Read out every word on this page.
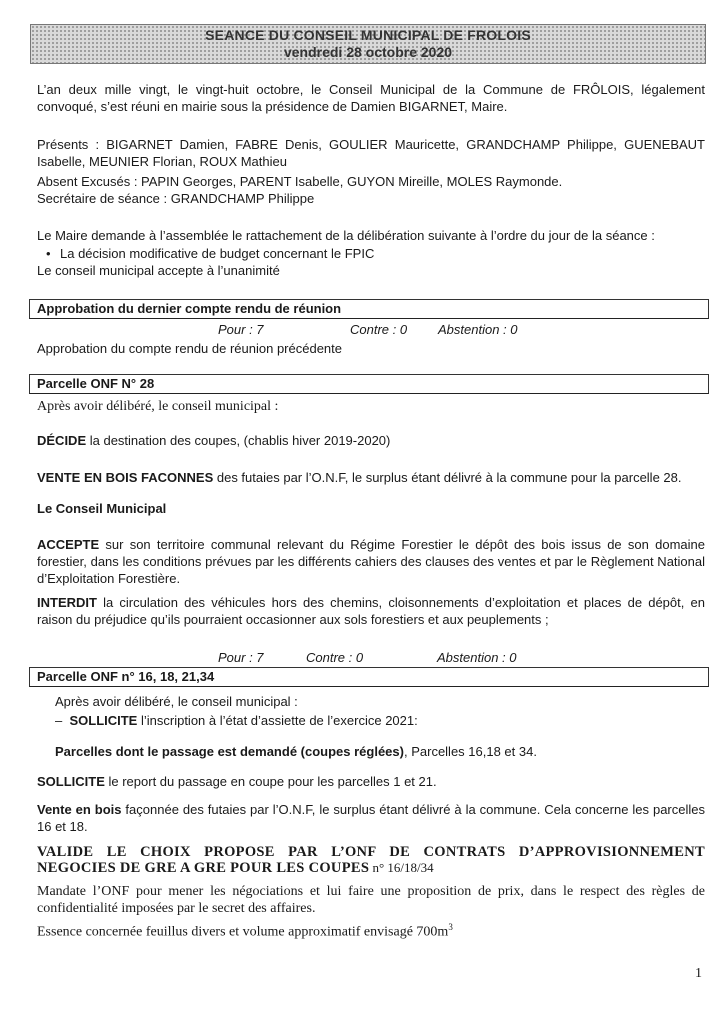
SEANCE DU CONSEIL MUNICIPAL DE FROLOIS
vendredi 28 octobre 2020
L’an deux mille vingt, le vingt-huit octobre, le Conseil Municipal de la Commune de FRÔLOIS, légalement convoqué, s’est réuni en mairie sous la présidence de Damien BIGARNET, Maire.
Présents : BIGARNET Damien, FABRE Denis, GOULIER Mauricette, GRANDCHAMP Philippe, GUENEBAUT Isabelle, MEUNIER Florian, ROUX Mathieu
Absent Excusés : PAPIN Georges, PARENT Isabelle, GUYON Mireille, MOLES Raymonde.
Secrétaire de séance : GRANDCHAMP Philippe
Le Maire demande à l’assemblée le rattachement de la délibération suivante à l’ordre du jour de la séance :
• La décision modificative de budget concernant le FPIC
Le conseil municipal accepte à l’unanimité
Approbation du dernier compte rendu de réunion
Pour : 7	Contre : 0 Abstention : 0
Approbation du compte rendu de réunion précédente
Parcelle ONF N° 28
Après avoir délibéré, le conseil municipal :
DÉCIDE la destination des coupes, (chablis hiver 2019-2020)
VENTE EN BOIS FACONNES des futaies par l’O.N.F, le surplus étant délivré à la commune pour la parcelle 28.
Le Conseil Municipal
ACCEPTE sur son territoire communal relevant du Régime Forestier le dépôt des bois issus de son domaine forestier, dans les conditions prévues par les différents cahiers des clauses des ventes et par le Règlement National d’Exploitation Forestière.
INTERDIT la circulation des véhicules hors des chemins, cloisonnements d’exploitation et places de dépôt, en raison du préjudice qu’ils pourraient occasionner aux sols forestiers et aux peuplements ;
Pour : 7	Contre : 0	Abstention : 0
Parcelle ONF n° 16, 18, 21,34
Après avoir délibéré, le conseil municipal :
– SOLLICITE l’inscription à l’état d’assiette de l’exercice 2021:
Parcelles dont le passage est demandé (coupes réglées), Parcelles 16,18 et 34.
SOLLICITE le report du passage en coupe pour les parcelles 1 et 21.
Vente en bois façonnée des futaies par l’O.N.F, le surplus étant délivré à la commune. Cela concerne les parcelles 16 et 18.
VALIDE LE CHOIX PROPOSE PAR L’ONF DE CONTRATS D’APPROVISIONNEMENT NEGOCIES DE GRE A GRE POUR LES COUPES n° 16/18/34
Mandate l’ONF pour mener les négociations et lui faire une proposition de prix, dans le respect des règles de confidentialité imposées par le secret des affaires.
Essence concernée feuillus divers et volume approximatif envisagé $700m^3$
1
